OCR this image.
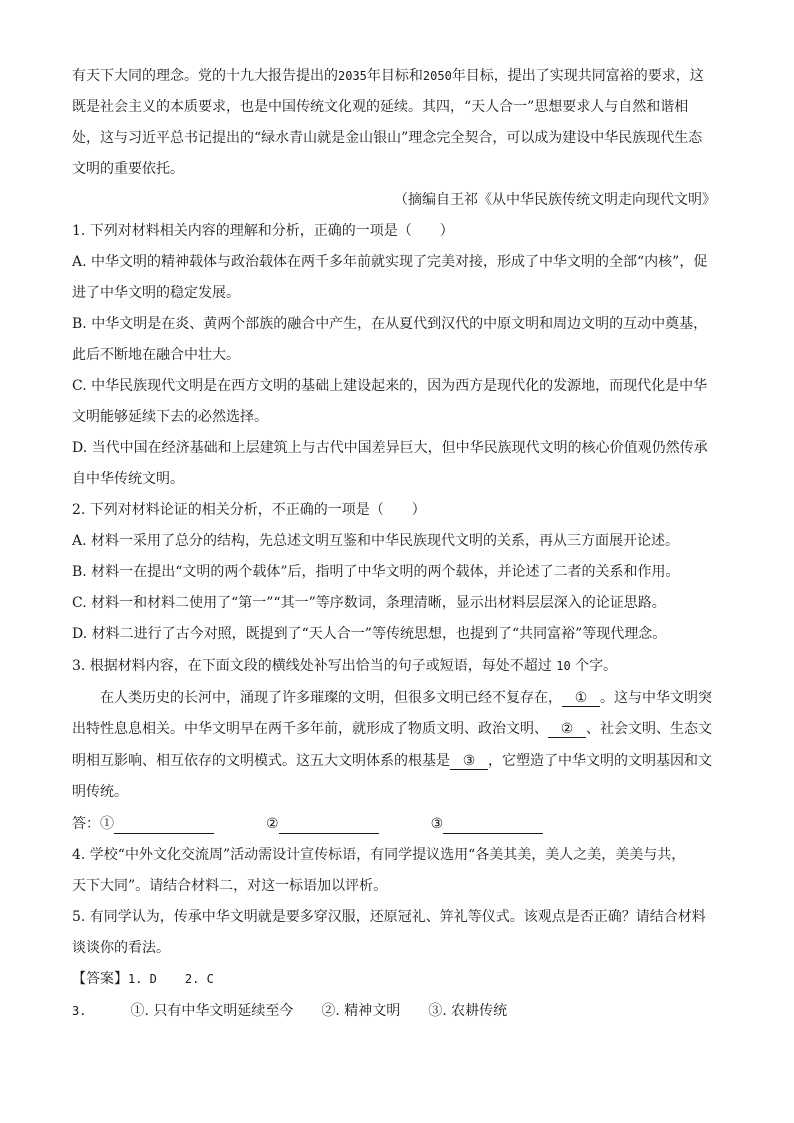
有天下大同的理念。党的十九大报告提出的2035年目标和2050年目标，提出了实现共同富裕的要求，这
既是社会主义的本质要求，也是中国传统文化观的延续。其四，“天人合一”思想要求人与自然和谐相
处，这与习近平总书记提出的“绿水青山就是金山银山”理念完全契合，可以成为建设中华民族现代生态
文明的重要依托。
（摘编自王祁《从中华民族传统文明走向现代文明》
1. 下列对材料相关内容的理解和分析，正确的一项是（　　）
A. 中华文明的精神载体与政治载体在两千多年前就实现了完美对接，形成了中华文明的全部“内核”，促
进了中华文明的稳定发展。
B. 中华文明是在炎、黄两个部族的融合中产生，在从夏代到汉代的中原文明和周边文明的互动中奠基，
此后不断地在融合中壮大。
C. 中华民族现代文明是在西方文明的基础上建设起来的，因为西方是现代化的发源地，而现代化是中华
文明能够延续下去的必然选择。
D. 当代中国在经济基础和上层建筑上与古代中国差异巨大，但中华民族现代文明的核心价值观仍然传承
自中华传统文明。
2. 下列对材料论证的相关分析，不正确的一项是（　　）
A. 材料一采用了总分的结构，先总述文明互鉴和中华民族现代文明的关系，再从三方面展开论述。
B. 材料一在提出“文明的两个载体”后，指明了中华文明的两个载体，并论述了二者的关系和作用。
C. 材料一和材料二使用了“第一”“其一”等序数词，条理清晰，显示出材料层层深入的论证思路。
D. 材料二进行了古今对照，既提到了“天人合一”等传统思想，也提到了“共同富裕”等现代理念。
3. 根据材料内容，在下面文段的横线处补写出恰当的句子或短语，每处不超过 10 个字。
在人类历史的长河中，涌现了许多璀璨的文明，但很多文明已经不复存在， ① 。这与中华文明突
出特性息息相关。中华文明早在两千多年前，就形成了物质文明、政治文明、 ② 、社会文明、生态文
明相互影响、相互依存的文明模式。这五大文明体系的根基是 ③ ，它塑造了中华文明的文明基因和文
明传统。
答：①	②	③
4. 学校“中外文化交流周”活动需设计宣传标语，有同学提议选用“各美其美，美人之美，美美与共，
天下大同”。请结合材料二，对这一标语加以评析。
5. 有同学认为，传承中华文明就是要多穿汉服，还原冠礼、笄礼等仪式。该观点是否正确？请结合材料
谈谈你的看法。
【答案】1. D 2. C
3.	①. 只有中华文明延续至今 ②. 精神文明 ③. 农耕传统
